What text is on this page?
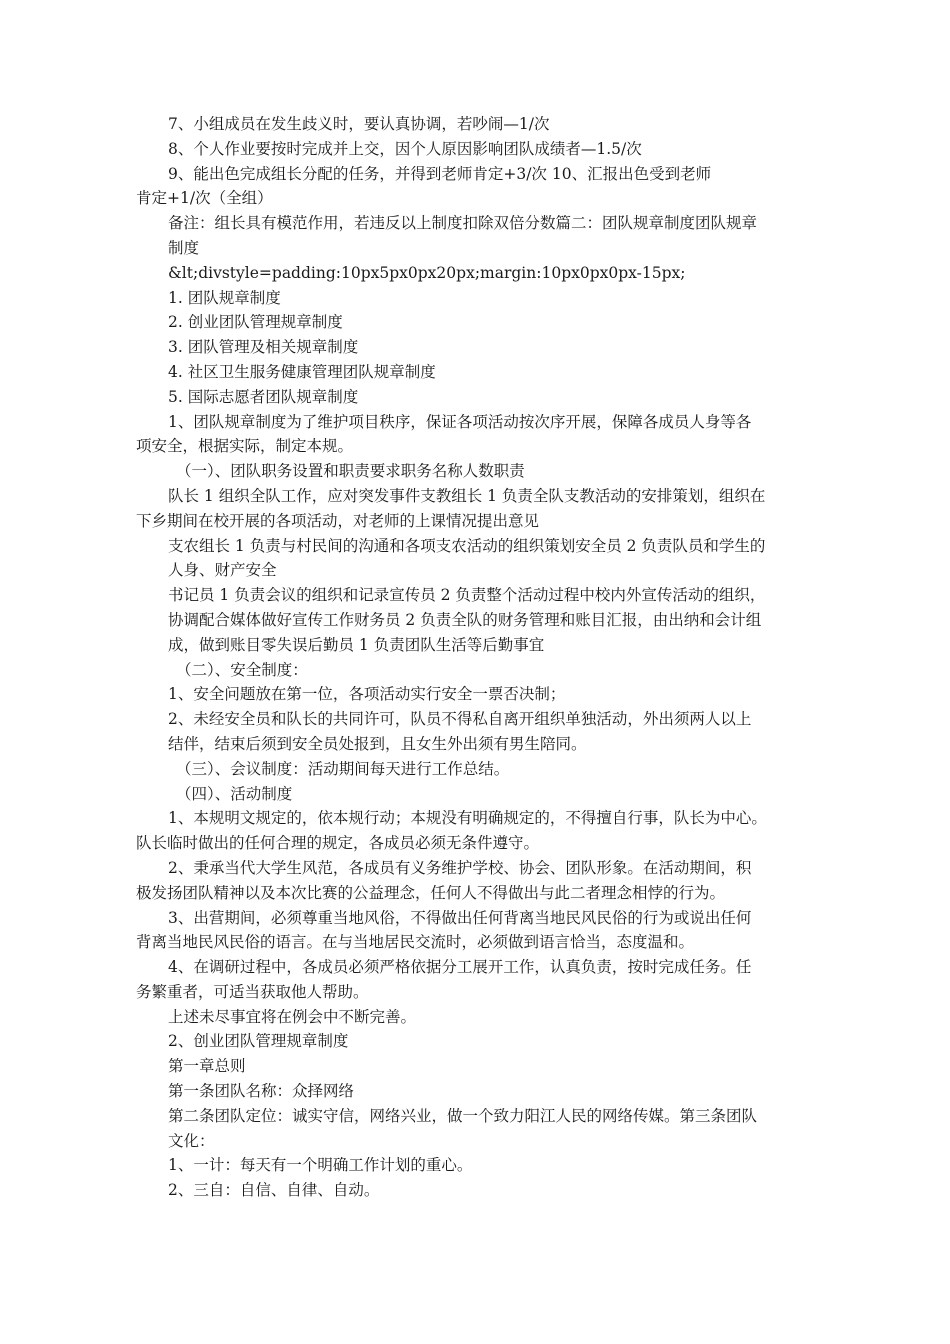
7、小组成员在发生歧义时，要认真协调，若吵闹—1/次
8、个人作业要按时完成并上交，因个人原因影响团队成绩者—1.5/次
9、能出色完成组长分配的任务，并得到老师肯定+3/次 10、汇报出色受到老师
肯定+1/次（全组）
备注：组长具有模范作用，若违反以上制度扣除双倍分数篇二：团队规章制度团队规章
制度
&lt;divstyle=padding:10px5px0px20px;margin:10px0px0px-15px;
1. 团队规章制度
2. 创业团队管理规章制度
3. 团队管理及相关规章制度
4. 社区卫生服务健康管理团队规章制度
5. 国际志愿者团队规章制度
1、团队规章制度为了维护项目秩序，保证各项活动按次序开展，保障各成员人身等各
项安全，根据实际，制定本规。
（一）、团队职务设置和职责要求职务名称人数职责
队长 1 组织全队工作，应对突发事件支教组长 1 负责全队支教活动的安排策划，组织在
下乡期间在校开展的各项活动，对老师的上课情况提出意见
支农组长 1 负责与村民间的沟通和各项支农活动的组织策划安全员 2 负责队员和学生的
人身、财产安全
书记员 1 负责会议的组织和记录宣传员 2 负责整个活动过程中校内外宣传活动的组织，
协调配合媒体做好宣传工作财务员 2 负责全队的财务管理和账目汇报，由出纳和会计组
成，做到账目零失误后勤员 1 负责团队生活等后勤事宜
（二）、安全制度：
1、安全问题放在第一位，各项活动实行安全一票否决制；
2、未经安全员和队长的共同许可，队员不得私自离开组织单独活动，外出须两人以上
结伴，结束后须到安全员处报到，且女生外出须有男生陪同。
（三）、会议制度：活动期间每天进行工作总结。
（四）、活动制度
1、本规明文规定的，依本规行动；本规没有明确规定的，不得擅自行事，队长为中心。
队长临时做出的任何合理的规定，各成员必须无条件遵守。
2、秉承当代大学生风范，各成员有义务维护学校、协会、团队形象。在活动期间，积
极发扬团队精神以及本次比赛的公益理念，任何人不得做出与此二者理念相悖的行为。
3、出营期间，必须尊重当地风俗，不得做出任何背离当地民风民俗的行为或说出任何
背离当地民风民俗的语言。在与当地居民交流时，必须做到语言恰当，态度温和。
4、在调研过程中，各成员必须严格依据分工展开工作，认真负责，按时完成任务。任
务繁重者，可适当获取他人帮助。
上述未尽事宜将在例会中不断完善。
2、创业团队管理规章制度
第一章总则
第一条团队名称：众择网络
第二条团队定位：诚实守信，网络兴业，做一个致力阳江人民的网络传媒。第三条团队
文化：
1、一计：每天有一个明确工作计划的重心。
2、三自：自信、自律、自动。
